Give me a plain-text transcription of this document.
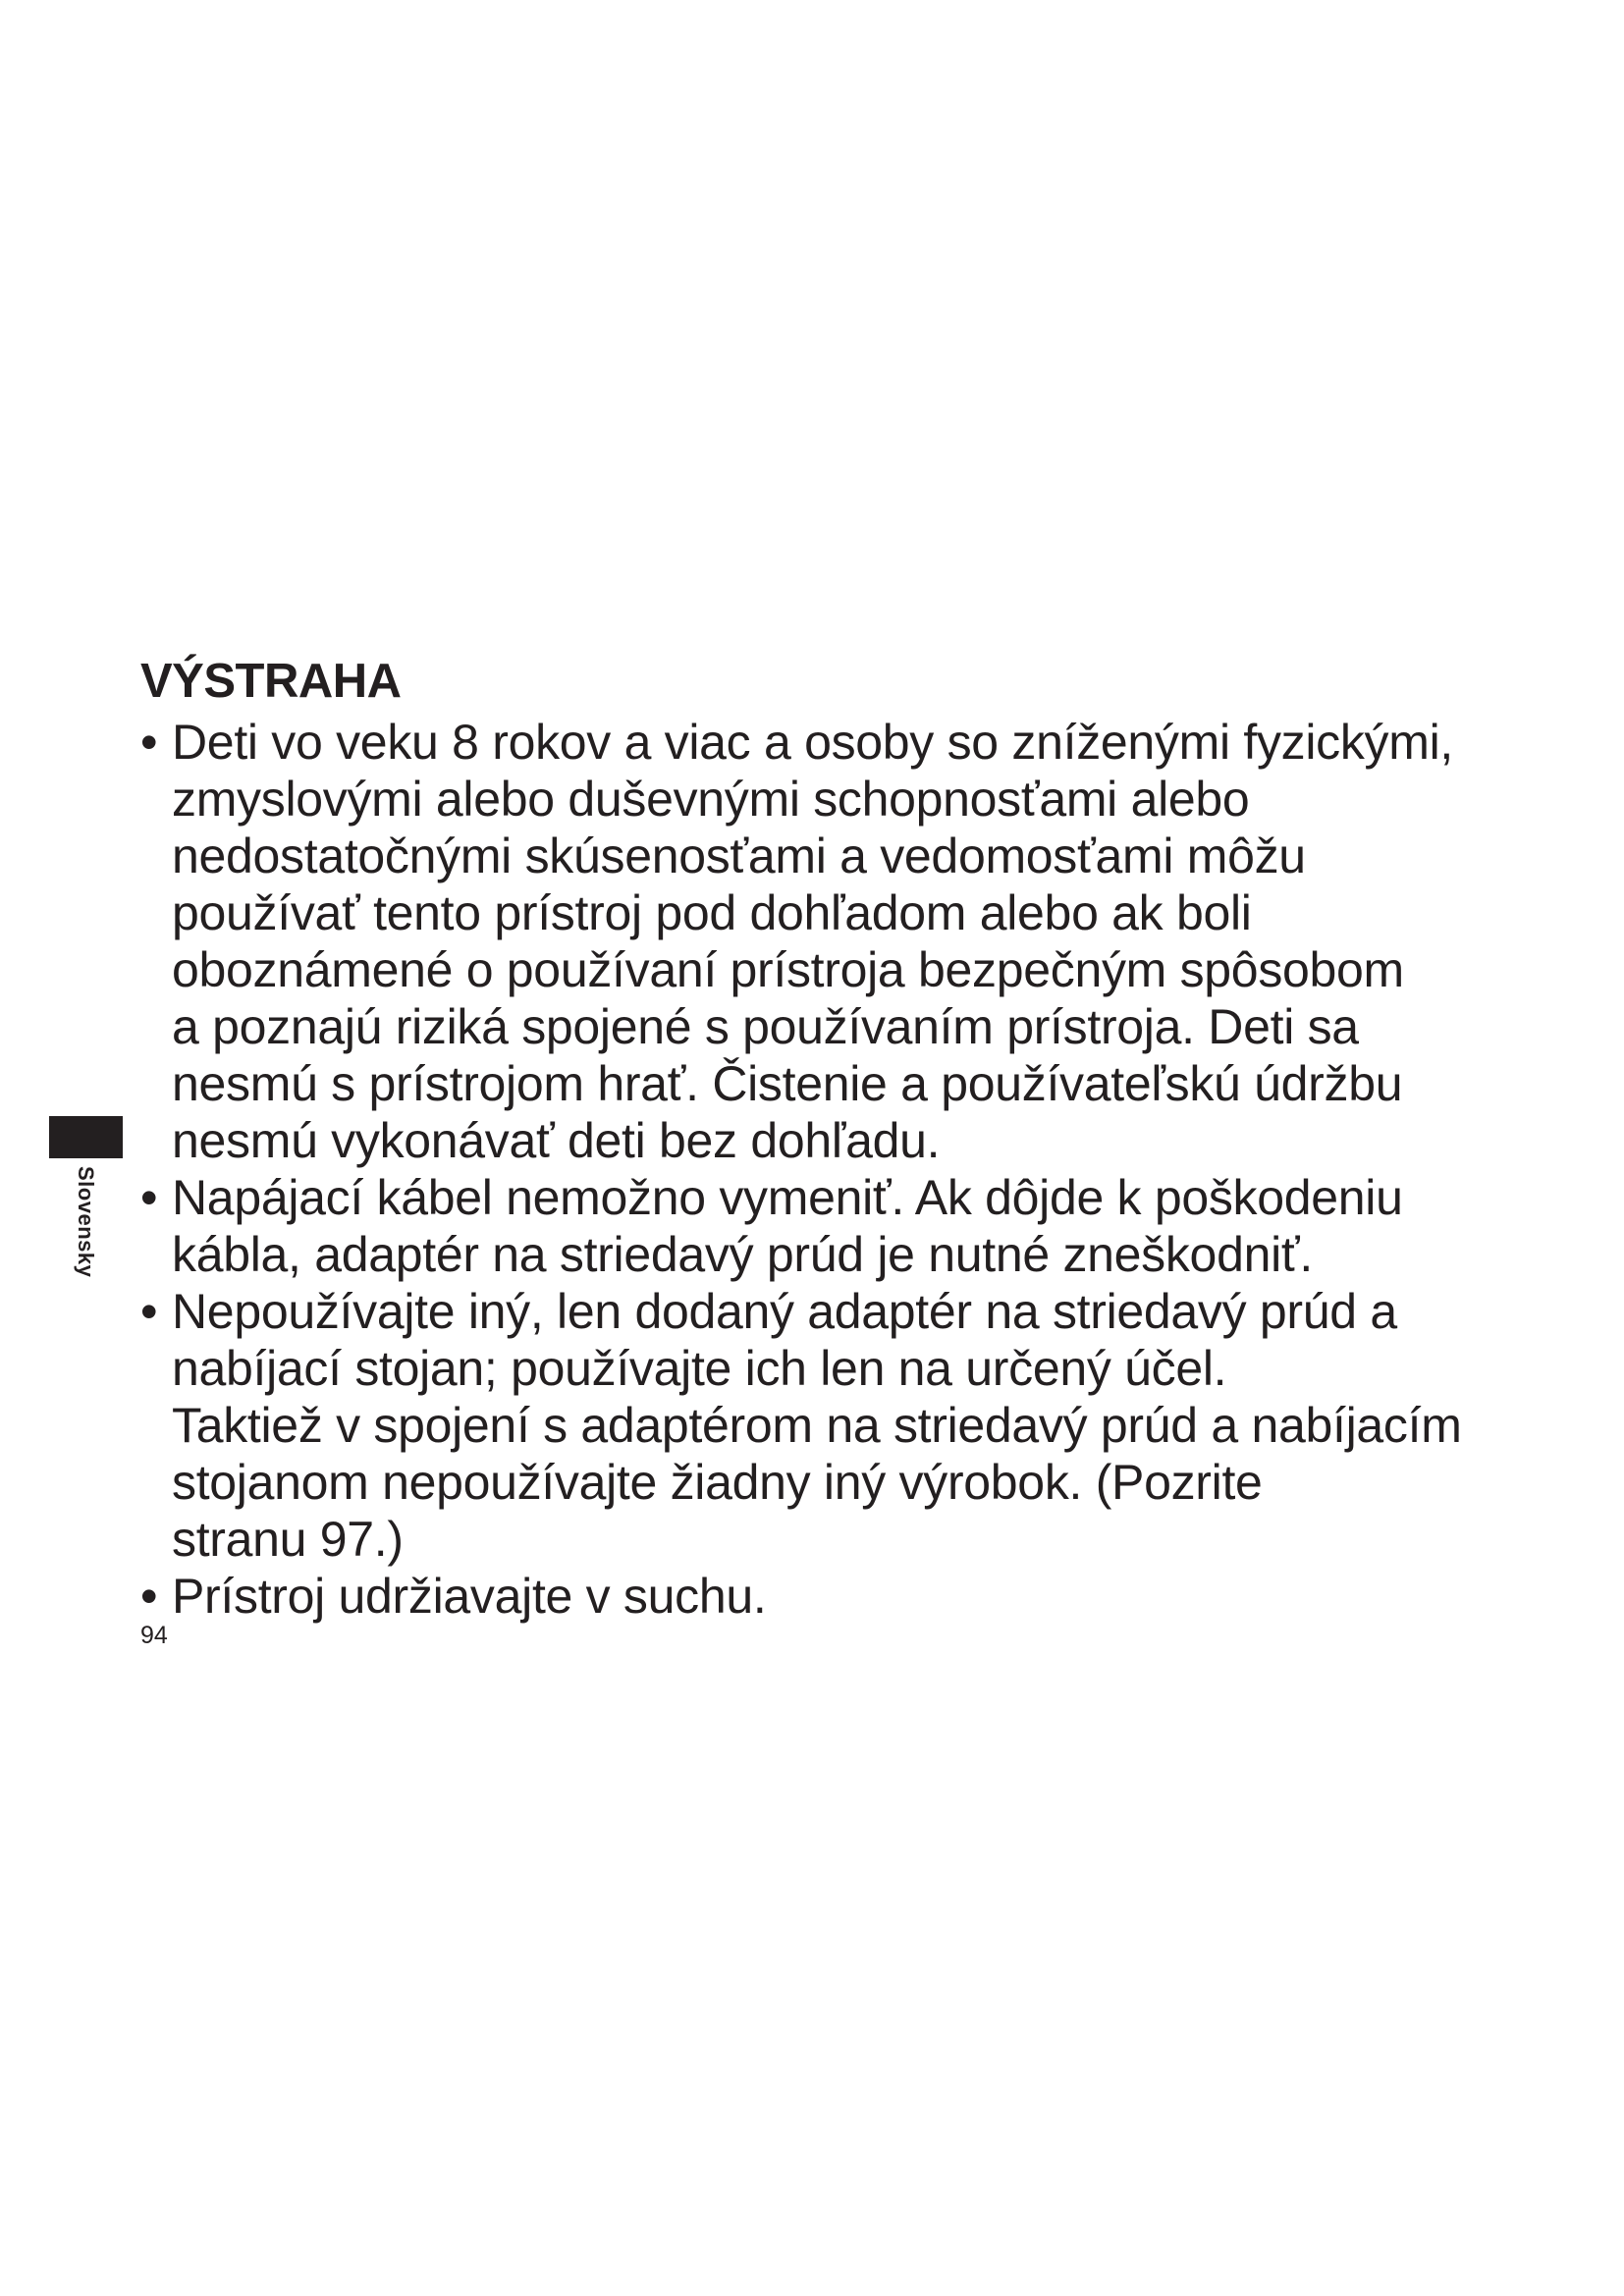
VÝSTRAHA
• Deti vo veku 8 rokov a viac a osoby so zníženými fyzickými,
zmyslovými alebo duševnými schopnosťami alebo
nedostatočnými skúsenosťami a vedomosťami môžu
používať tento prístroj pod dohľadom alebo ak boli
oboznámené o používaní prístroja bezpečným spôsobom
a poznajú riziká spojené s používaním prístroja. Deti sa
nesmú s prístrojom hrať. Čistenie a používateľskú údržbu
nesmú vykonávať deti bez dohľadu.
• Napájací kábel nemožno vymeniť. Ak dôjde k poškodeniu
kábla, adaptér na striedavý prúd je nutné zneškodniť.
• Nepoužívajte iný, len dodaný adaptér na striedavý prúd a
nabíjací stojan; používajte ich len na určený účel.
Taktiež v spojení s adaptérom na striedavý prúd a nabíjacím
stojanom nepoužívajte žiadny iný výrobok. (Pozrite
stranu 97.)
• Prístroj udržiavajte v suchu.
Slovensky
94
